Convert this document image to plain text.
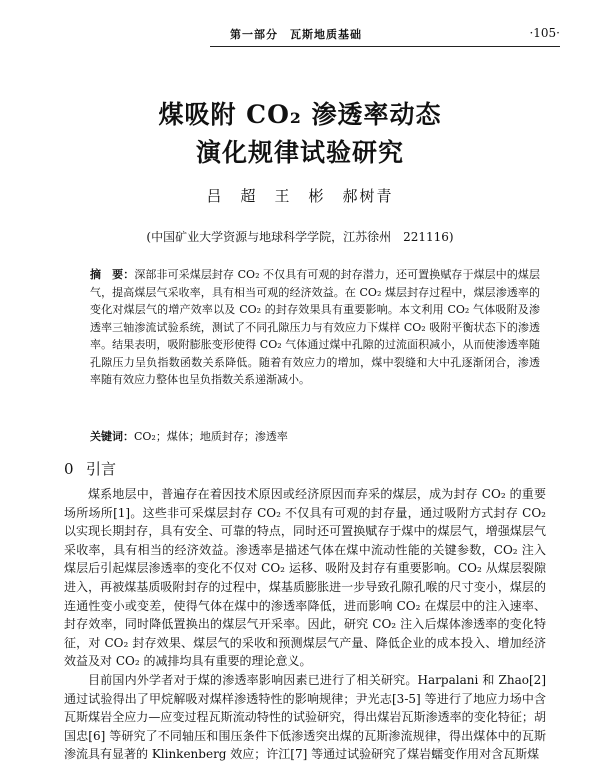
第一部分　瓦斯地质基础	·105·
煤吸附 CO₂ 渗透率动态
演化规律试验研究
吕　超　王　彬　郝树青
(中国矿业大学资源与地球科学学院，江苏徐州　221116)
摘　要：深部非可采煤层封存 CO₂ 不仅具有可观的封存潜力，还可置换赋存于煤层中的煤层气，提高煤层气采收率，具有相当可观的经济效益。在 CO₂ 煤层封存过程中，煤层渗透率的变化对煤层气的增产效率以及 CO₂ 的封存效果具有重要影响。本文利用 CO₂ 气体吸附及渗透率三轴渗流试验系统，测试了不同孔隙压力与有效应力下煤样 CO₂ 吸附平衡状态下的渗透率。结果表明，吸附膨胀变形使得 CO₂ 气体通过煤中孔隙的过流面积减小，从而使渗透率随孔隙压力呈负指数函数关系降低。随着有效应力的增加，煤中裂缝和大中孔逐渐闭合，渗透率随有效应力整体也呈负指数关系递渐减小。
关键词：CO₂；煤体；地质封存；渗透率
0 引言

煤系地层中，普遍存在着因技术原因或经济原因而弃采的煤层，成为封存 CO₂ 的重要场所场所[1]。这些非可采煤层封存 CO₂ 不仅具有可观的封存量，通过吸附方式封存 CO₂ 以实现长期封存，具有安全、可靠的特点，同时还可置换赋存于煤中的煤层气，增强煤层气采收率，具有相当的经济效益。渗透率是描述气体在煤中流动性能的关键参数，CO₂ 注入煤层后引起煤层渗透率的变化不仅对 CO₂ 运移、吸附及封存有重要影响。CO₂ 从煤层裂隙进入，再被煤基质吸附封存的过程中，煤基质膨胀进一步导致孔隙孔喉的尺寸变小，煤层的连通性变小或变差，使得气体在煤中的渗透率降低，进而影响 CO₂ 在煤层中的注入速率、封存效率，同时降低置换出的煤层气开采率。因此，研究 CO₂ 注入后煤体渗透率的变化特征，对 CO₂ 封存效果、煤层气的采收和预测煤层气产量、降低企业的成本投入、增加经济效益及对 CO₂ 的减排均具有重要的理论意义。

目前国内外学者对于煤的渗透率影响因素已进行了相关研究。Harpalani 和 Zhao[2] 通过试验得出了甲烷解吸对煤样渗透特性的影响规律；尹光志[3-5] 等进行了地应力场中含瓦斯煤岩全应力—应变过程瓦斯流动特性的试验研究，得出煤岩瓦斯渗透率的变化特征；胡国忠[6] 等研究了不同轴压和围压条件下低渗透突出煤的瓦斯渗流规律，得出煤体中的瓦斯渗流具有显著的 Klinkenberg 效应；许江[7] 等通过试验研究了煤岩蠕变作用对含瓦斯煤
